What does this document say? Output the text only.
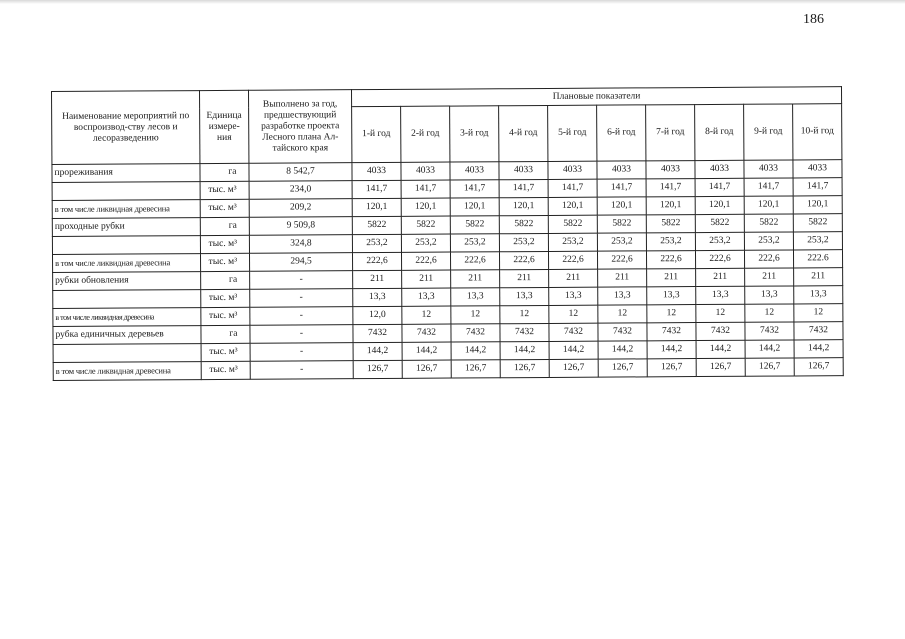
186
Наименование мероприятий по воспроизвод-ству лесов и лесоразведению	Единица измере-ния	Выполнено за год, предшествующий разработке проекта Лесного плана Ал-тайского края	Плановые показатели									
			1-й год	2-й год	3-й год	4-й год	5-й год	6-й год	7-й год	8-й год	9-й год	10-й год
прореживания	га	8 542,7	4033	4033	4033	4033	4033	4033	4033	4033	4033	4033
	тыс. м³	234,0	141,7	141,7	141,7	141,7	141,7	141,7	141,7	141,7	141,7	141,7
в том числе ликвидная древесина	тыс. м³	209,2	120,1	120,1	120,1	120,1	120,1	120,1	120,1	120,1	120,1	120,1
проходные рубки	га	9 509,8	5822	5822	5822	5822	5822	5822	5822	5822	5822	5822
	тыс. м³	324,8	253,2	253,2	253,2	253,2	253,2	253,2	253,2	253,2	253,2	253,2
в том числе ликвидная древесина	тыс. м³	294,5	222,6	222,6	222,6	222,6	222,6	222,6	222,6	222,6	222,6	222.6
рубки обновления	га	-	211	211	211	211	211	211	211	211	211	211
	тыс. м³	-	13,3	13,3	13,3	13,3	13,3	13,3	13,3	13,3	13,3	13,3
в том числе ликвидная древесина	тыс. м³	-	12,0	12	12	12	12	12	12	12	12	12
рубка единичных деревьев	га	-	7432	7432	7432	7432	7432	7432	7432	7432	7432	7432
	тыс. м³	-	144,2	144,2	144,2	144,2	144,2	144,2	144,2	144,2	144,2	144,2
в том числе ликвидная древесина	тыс. м³	-	126,7	126,7	126,7	126,7	126,7	126,7	126,7	126,7	126,7	126,7
